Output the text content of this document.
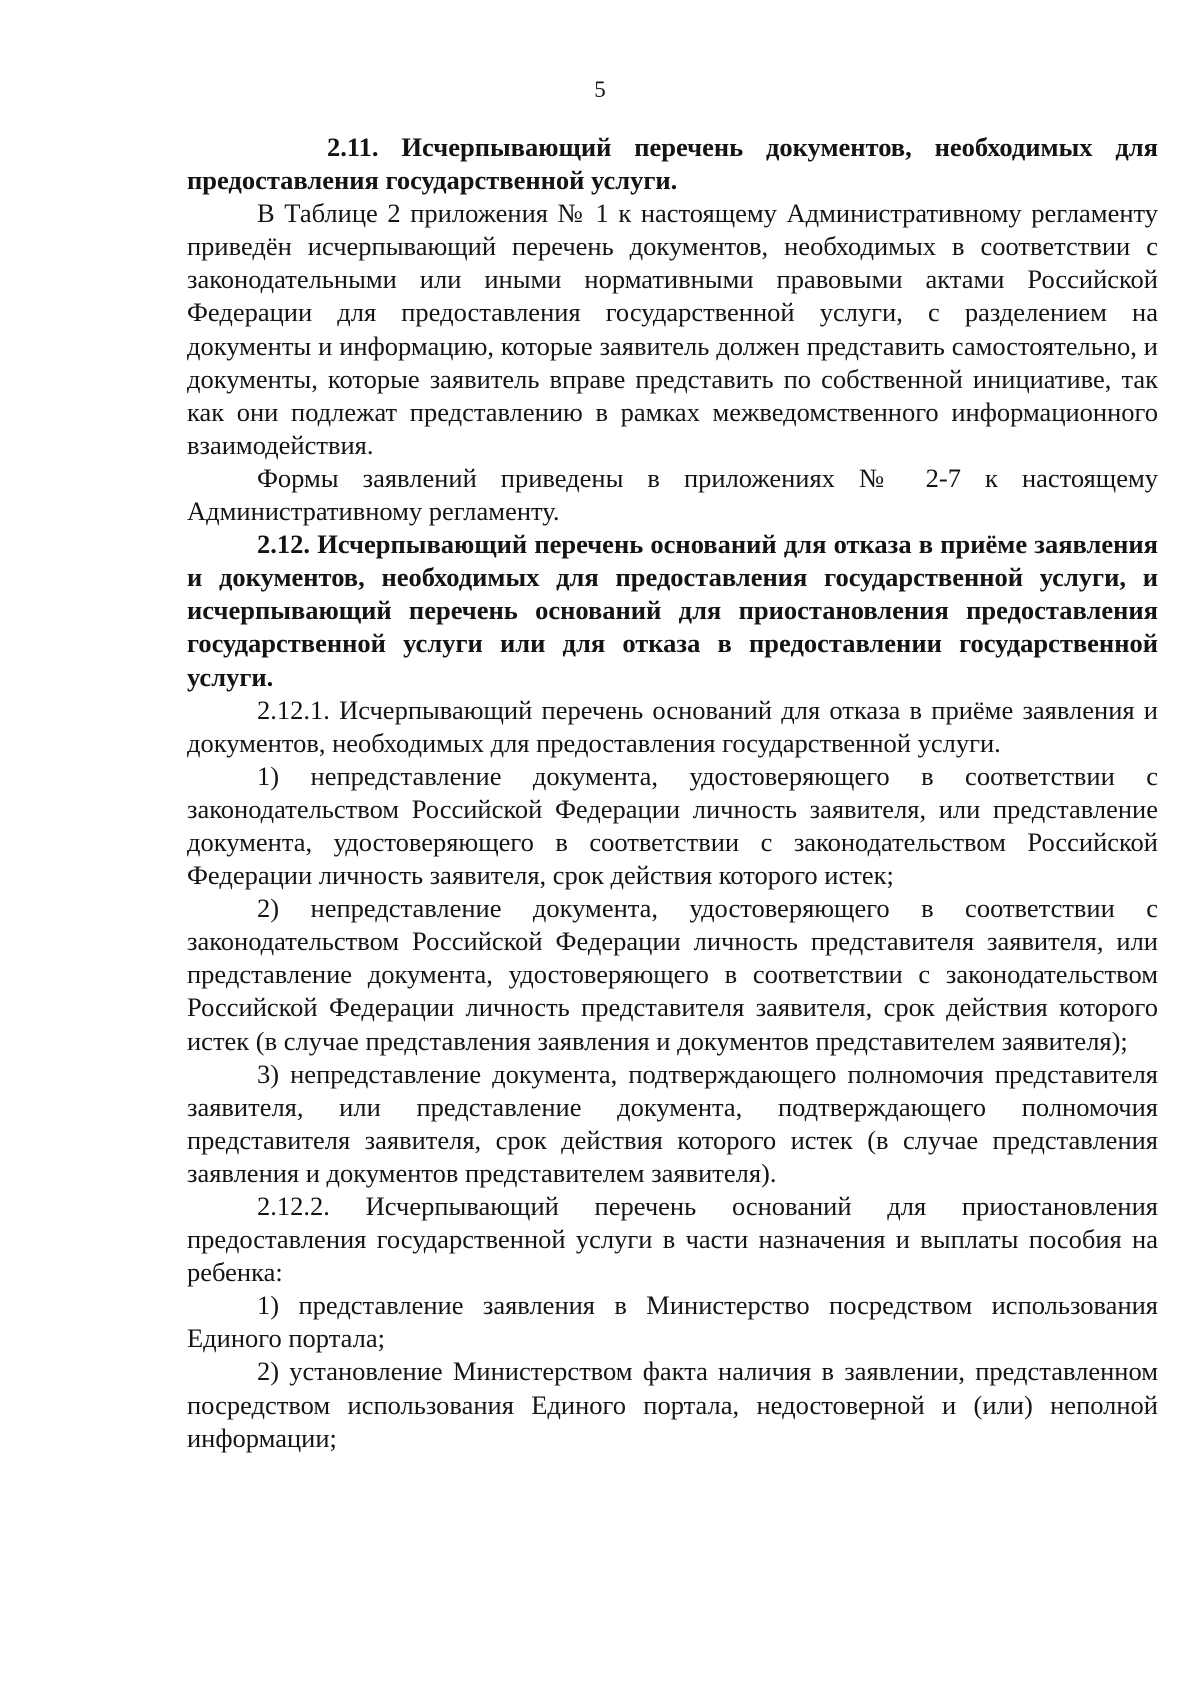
5

2.11. Исчерпывающий перечень документов, необходимых для предоставления государственной услуги.

В Таблице 2 приложения № 1 к настоящему Административному регламенту приведён исчерпывающий перечень документов, необходимых в соответствии с законодательными или иными нормативными правовыми актами Российской Федерации для предоставления государственной услуги, с разделением на документы и информацию, которые заявитель должен представить самостоятельно, и документы, которые заявитель вправе представить по собственной инициативе, так как они подлежат представлению в рамках межведомственного информационного взаимодействия.

Формы заявлений приведены в приложениях № 2-7 к настоящему Административному регламенту.

2.12. Исчерпывающий перечень оснований для отказа в приёме заявления и документов, необходимых для предоставления государственной услуги, и исчерпывающий перечень оснований для приостановления предоставления государственной услуги или для отказа в предоставлении государственной услуги.

2.12.1. Исчерпывающий перечень оснований для отказа в приёме заявления и документов, необходимых для предоставления государственной услуги.

1) непредставление документа, удостоверяющего в соответствии с законодательством Российской Федерации личность заявителя, или представление документа, удостоверяющего в соответствии с законодательством Российской Федерации личность заявителя, срок действия которого истек;

2) непредставление документа, удостоверяющего в соответствии с законодательством Российской Федерации личность представителя заявителя, или представление документа, удостоверяющего в соответствии с законодательством Российской Федерации личность представителя заявителя, срок действия которого истек (в случае представления заявления и документов представителем заявителя);

3) непредставление документа, подтверждающего полномочия представителя заявителя, или представление документа, подтверждающего полномочия представителя заявителя, срок действия которого истек (в случае представления заявления и документов представителем заявителя).

2.12.2. Исчерпывающий перечень оснований для приостановления предоставления государственной услуги в части назначения и выплаты пособия на ребенка:

1) представление заявления в Министерство посредством использования Единого портала;

2) установление Министерством факта наличия в заявлении, представленном посредством использования Единого портала, недостоверной и (или) неполной информации;
